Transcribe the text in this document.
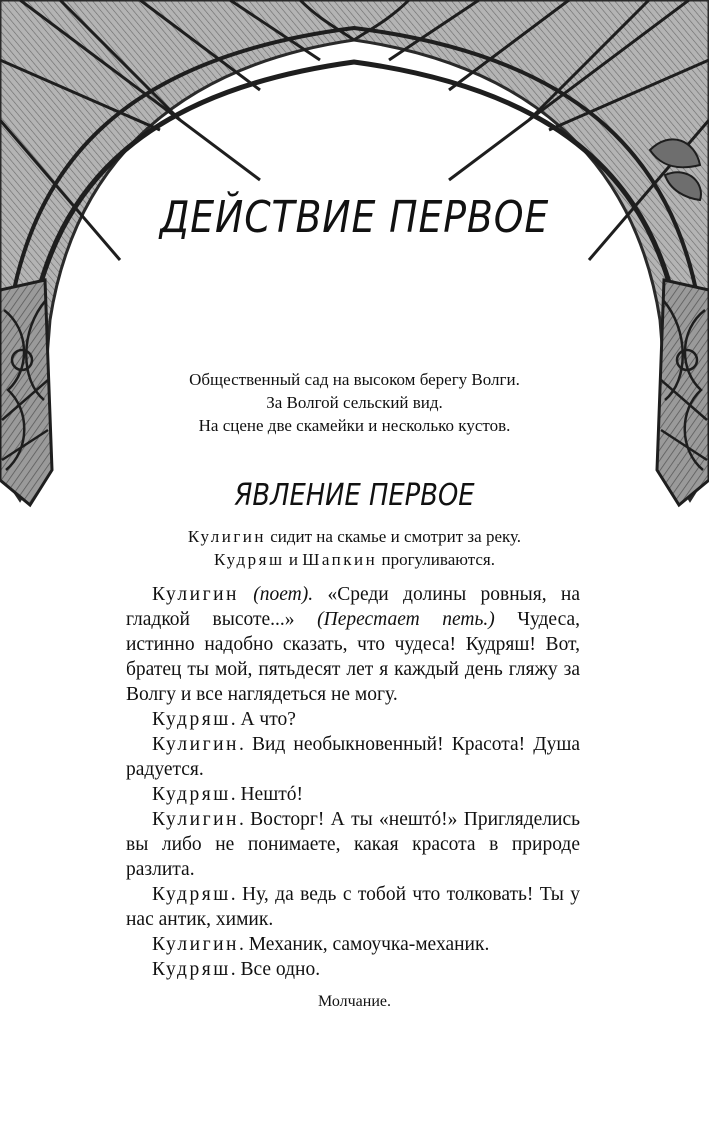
ДЕЙСТВИЕ ПЕРВОЕ
Общественный сад на высоком берегу Волги.
За Волгой сельский вид.
На сцене две скамейки и несколько кустов.
ЯВЛЕНИЕ ПЕРВОЕ
Кулигин сидит на скамье и смотрит за реку.
Кудряш и Шапкин прогуливаются.

Кулигин (поет). «Среди долины ровныя, на гладкой высоте...» (Перестает петь.) Чудеса, истинно надобно сказать, что чудеса! Кудряш! Вот, братец ты мой, пятьдесят лет я каждый день гляжу за Волгу и все наглядеться не могу.

Кудряш. А что?

Кулигин. Вид необыкновенный! Красота! Душа радуется.

Кудряш. Нештó!

Кулигин. Восторг! А ты «нештó!» Пригляделись вы либо не понимаете, какая красота в природе разлита.

Кудряш. Ну, да ведь с тобой что толковать! Ты у нас антик, химик.

Кулигин. Механик, самоучка-механик.

Кудряш. Все одно.

Молчание.
